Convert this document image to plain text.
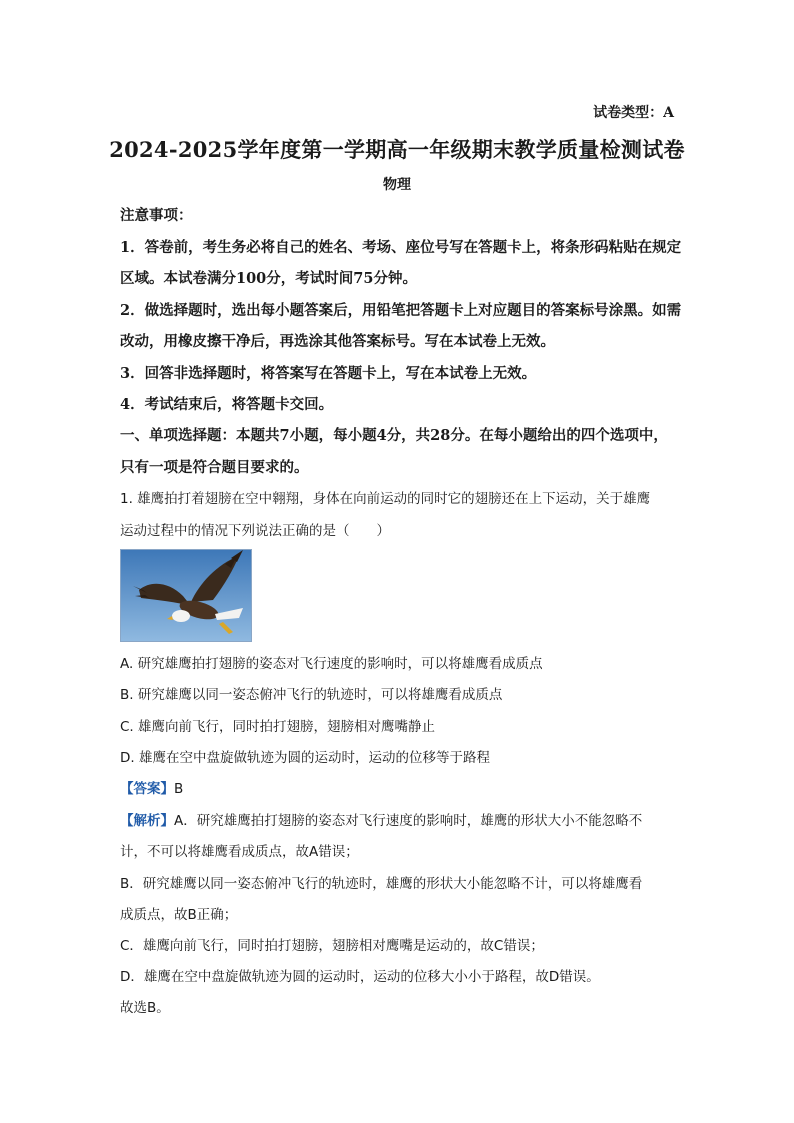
试卷类型：A
2024-2025学年度第一学期高一年级期末教学质量检测试卷
物理
注意事项：
1．答卷前，考生务必将自己的姓名、考场、座位号写在答题卡上，将条形码粘贴在规定
区域。本试卷满分100分，考试时间75分钟。
2．做选择题时，选出每小题答案后，用铅笔把答题卡上对应题目的答案标号涂黑。如需
改动，用橡皮擦干净后，再选涂其他答案标号。写在本试卷上无效。
3．回答非选择题时，将答案写在答题卡上，写在本试卷上无效。
4．考试结束后，将答题卡交回。
一、单项选择题：本题共7小题，每小题4分，共28分。在每小题给出的四个选项中，
只有一项是符合题目要求的。
1. 雄鹰拍打着翅膀在空中翱翔，身体在向前运动的同时它的翅膀还在上下运动，关于雄鹰
运动过程中的情况下列说法正确的是（　　）
A. 研究雄鹰拍打翅膀的姿态对飞行速度的影响时，可以将雄鹰看成质点
B. 研究雄鹰以同一姿态俯冲飞行的轨迹时，可以将雄鹰看成质点
C. 雄鹰向前飞行，同时拍打翅膀，翅膀相对鹰嘴静止
D. 雄鹰在空中盘旋做轨迹为圆的运动时，运动的位移等于路程
【答案】B
【解析】A．研究雄鹰拍打翅膀的姿态对飞行速度的影响时，雄鹰的形状大小不能忽略不
计，不可以将雄鹰看成质点，故A错误；
B．研究雄鹰以同一姿态俯冲飞行的轨迹时，雄鹰的形状大小能忽略不计，可以将雄鹰看
成质点，故B正确；
C．雄鹰向前飞行，同时拍打翅膀，翅膀相对鹰嘴是运动的，故C错误；
D．雄鹰在空中盘旋做轨迹为圆的运动时，运动的位移大小小于路程，故D错误。
故选B。
